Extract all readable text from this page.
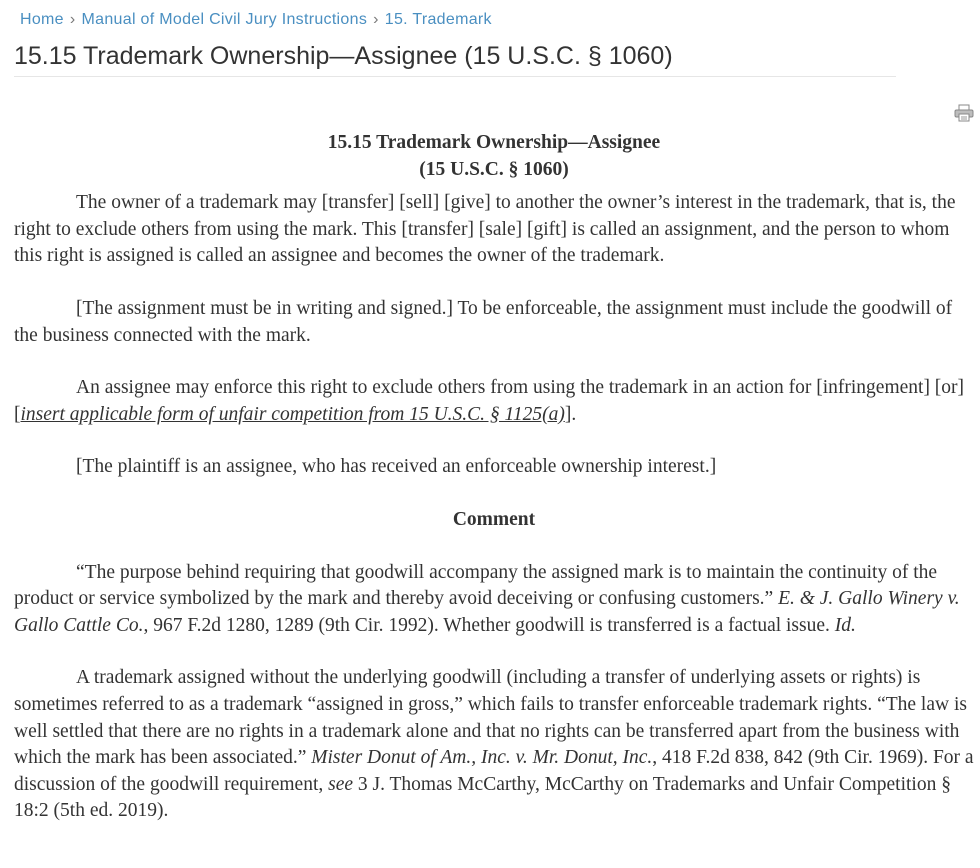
Home › Manual of Model Civil Jury Instructions › 15. Trademark
15.15 Trademark Ownership—Assignee (15 U.S.C. § 1060)
15.15 Trademark Ownership—Assignee
(15 U.S.C. § 1060)

The owner of a trademark may [transfer] [sell] [give] to another the owner’s interest in the trademark, that is, the right to exclude others from using the mark. This [transfer] [sale] [gift] is called an assignment, and the person to whom this right is assigned is called an assignee and becomes the owner of the trademark.

[The assignment must be in writing and signed.] To be enforceable, the assignment must include the goodwill of the business connected with the mark.

An assignee may enforce this right to exclude others from using the trademark in an action for [infringement] [or] [insert applicable form of unfair competition from 15 U.S.C. § 1125(a)].

[The plaintiff is an assignee, who has received an enforceable ownership interest.]

Comment

“The purpose behind requiring that goodwill accompany the assigned mark is to maintain the continuity of the product or service symbolized by the mark and thereby avoid deceiving or confusing customers.” E. & J. Gallo Winery v. Gallo Cattle Co., 967 F.2d 1280, 1289 (9th Cir. 1992). Whether goodwill is transferred is a factual issue. Id.

A trademark assigned without the underlying goodwill (including a transfer of underlying assets or rights) is sometimes referred to as a trademark “assigned in gross,” which fails to transfer enforceable trademark rights. “The law is well settled that there are no rights in a trademark alone and that no rights can be transferred apart from the business with which the mark has been associated.” Mister Donut of Am., Inc. v. Mr. Donut, Inc., 418 F.2d 838, 842 (9th Cir. 1969). For a discussion of the goodwill requirement, see 3 J. Thomas McCarthy, McCarthy on Trademarks and Unfair Competition § 18:2 (5th ed. 2019).
